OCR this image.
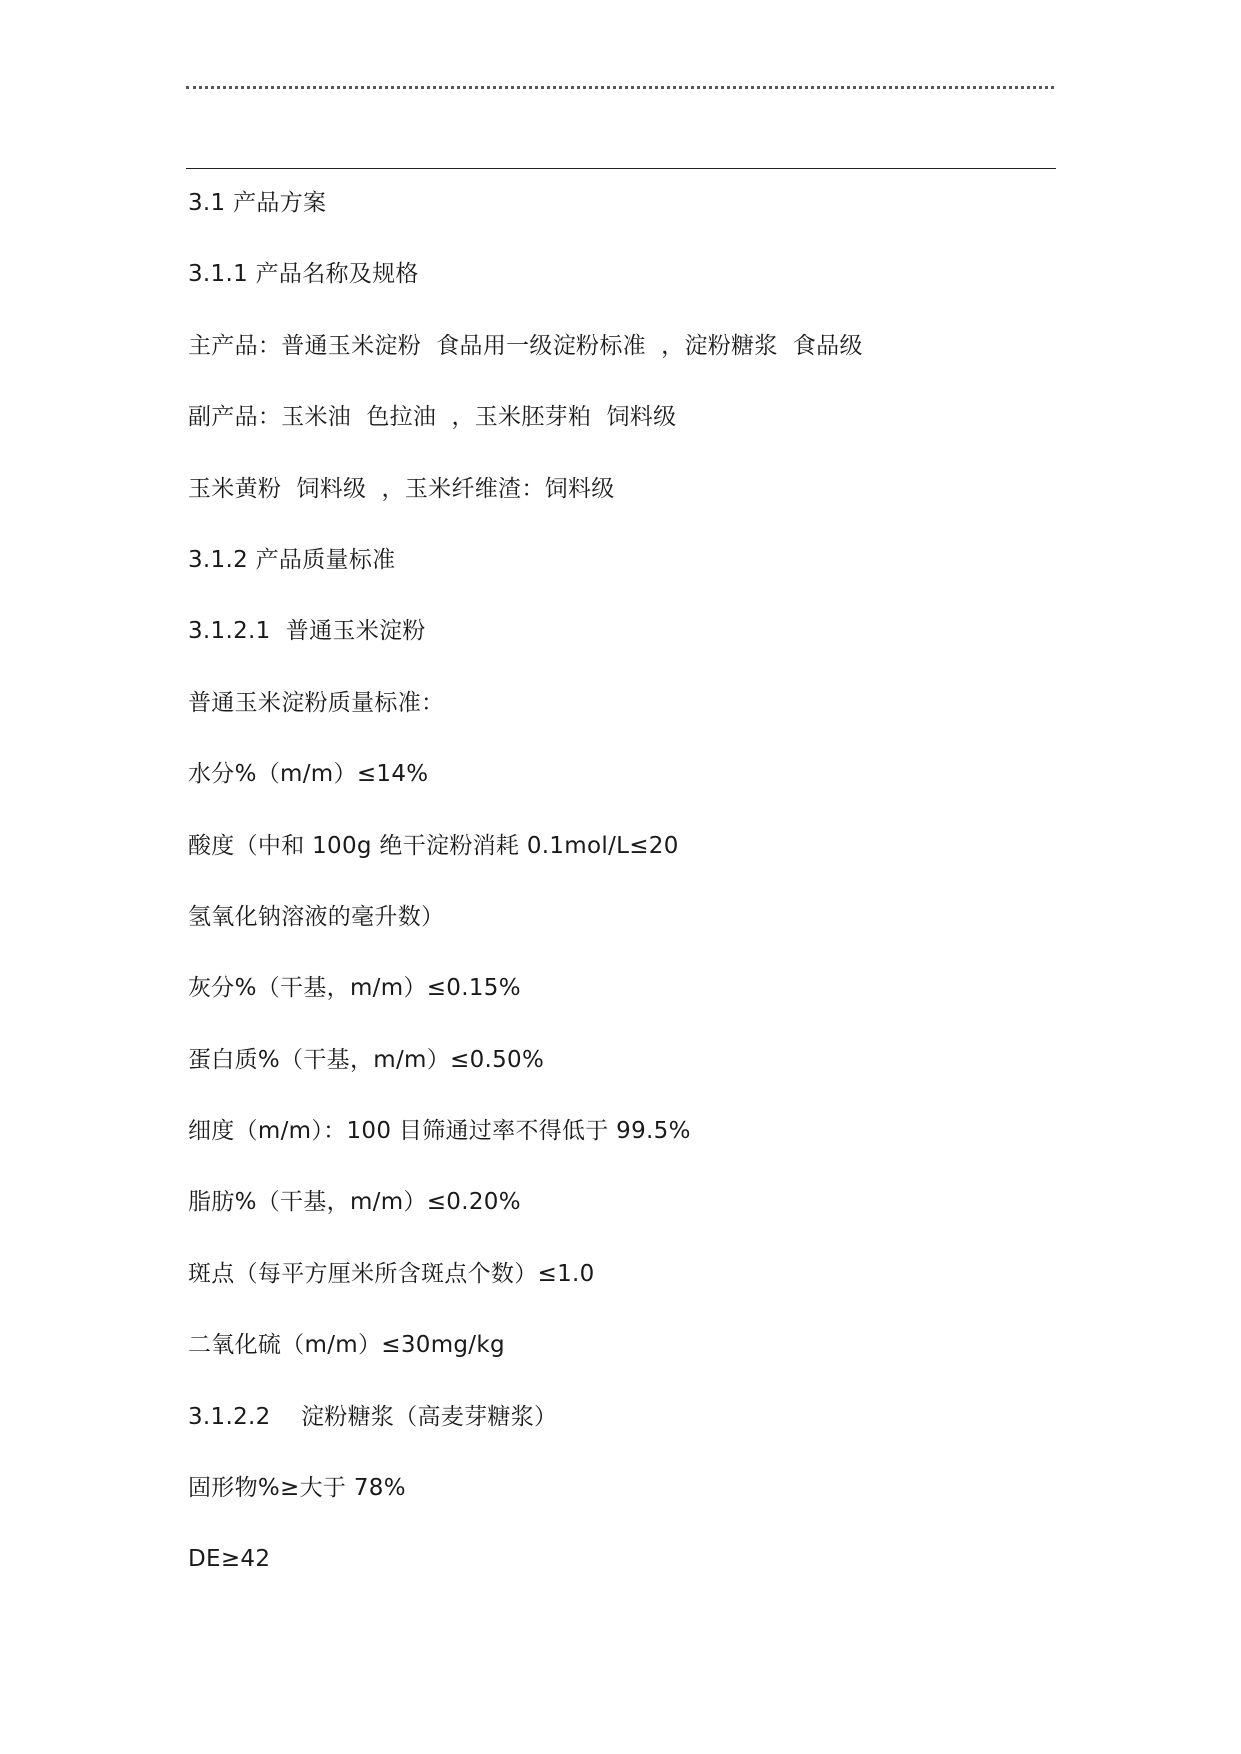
3.1 产品方案
3.1.1 产品名称及规格
主产品：普通玉米淀粉  食品用一级淀粉标准  ，淀粉糖浆  食品级
副产品：玉米油  色拉油  ，玉米胚芽粕  饲料级
玉米黄粉  饲料级  ，玉米纤维渣：饲料级
3.1.2 产品质量标准
3.1.2.1  普通玉米淀粉
普通玉米淀粉质量标准：
水分%（m/m）≤14%
酸度（中和 100g 绝干淀粉消耗 0.1mol/L≤20
氢氧化钠溶液的毫升数）
灰分%（干基，m/m）≤0.15%
蛋白质%（干基，m/m）≤0.50%
细度（m/m）：100 目筛通过率不得低于 99.5%
脂肪%（干基，m/m）≤0.20%
斑点（每平方厘米所含斑点个数）≤1.0
二氧化硫（m/m）≤30mg/kg
3.1.2.2    淀粉糖浆（高麦芽糖浆）
固形物%≥大于 78%
DE≥42
